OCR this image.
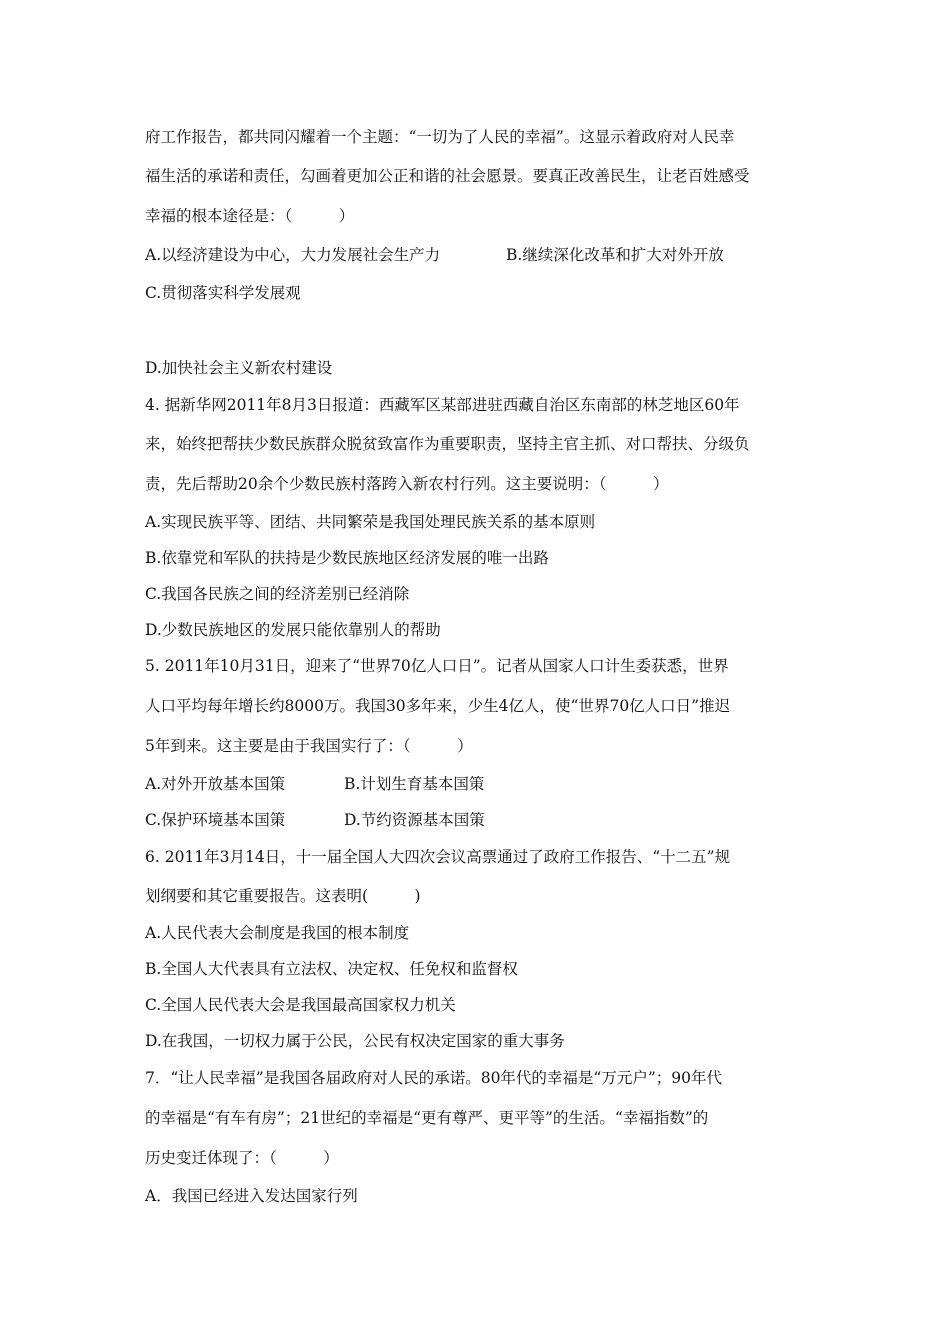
府工作报告，都共同闪耀着一个主题：“一切为了人民的幸福”。这显示着政府对人民幸
福生活的承诺和责任，勾画着更加公正和谐的社会愿景。要真正改善民生，让老百姓感受
幸福的根本途径是：（　　　）
A.以经济建设为中心，大力发展社会生产力	B.继续深化改革和扩大对外开放
C.贯彻落实科学发展观
D.加快社会主义新农村建设
4. 据新华网2011年8月3日报道：西藏军区某部进驻西藏自治区东南部的林芝地区60年
来，始终把帮扶少数民族群众脱贫致富作为重要职责，坚持主官主抓、对口帮扶、分级负
责，先后帮助20余个少数民族村落跨入新农村行列。这主要说明：（　　　）
A.实现民族平等、团结、共同繁荣是我国处理民族关系的基本原则
B.依靠党和军队的扶持是少数民族地区经济发展的唯一出路
C.我国各民族之间的经济差别已经消除
D.少数民族地区的发展只能依靠别人的帮助
5. 2011年10月31日，迎来了“世界70亿人口日”。记者从国家人口计生委获悉，世界
人口平均每年增长约8000万。我国30多年来，少生4亿人，使“世界70亿人口日”推迟
5年到来。这主要是由于我国实行了：（　　　）
A.对外开放基本国策	B.计划生育基本国策
C.保护环境基本国策	D.节约资源基本国策
6. 2011年3月14日，十一届全国人大四次会议高票通过了政府工作报告、“十二五”规
划纲要和其它重要报告。这表明(　　　)
A.人民代表大会制度是我国的根本制度
B.全国人大代表具有立法权、决定权、任免权和监督权
C.全国人民代表大会是我国最高国家权力机关
D.在我国，一切权力属于公民，公民有权决定国家的重大事务
7．“让人民幸福”是我国各届政府对人民的承诺。80年代的幸福是“万元户”；90年代
的幸福是“有车有房”；21世纪的幸福是“更有尊严、更平等”的生活。“幸福指数”的
历史变迁体现了：（　　　）
A．我国已经进入发达国家行列
